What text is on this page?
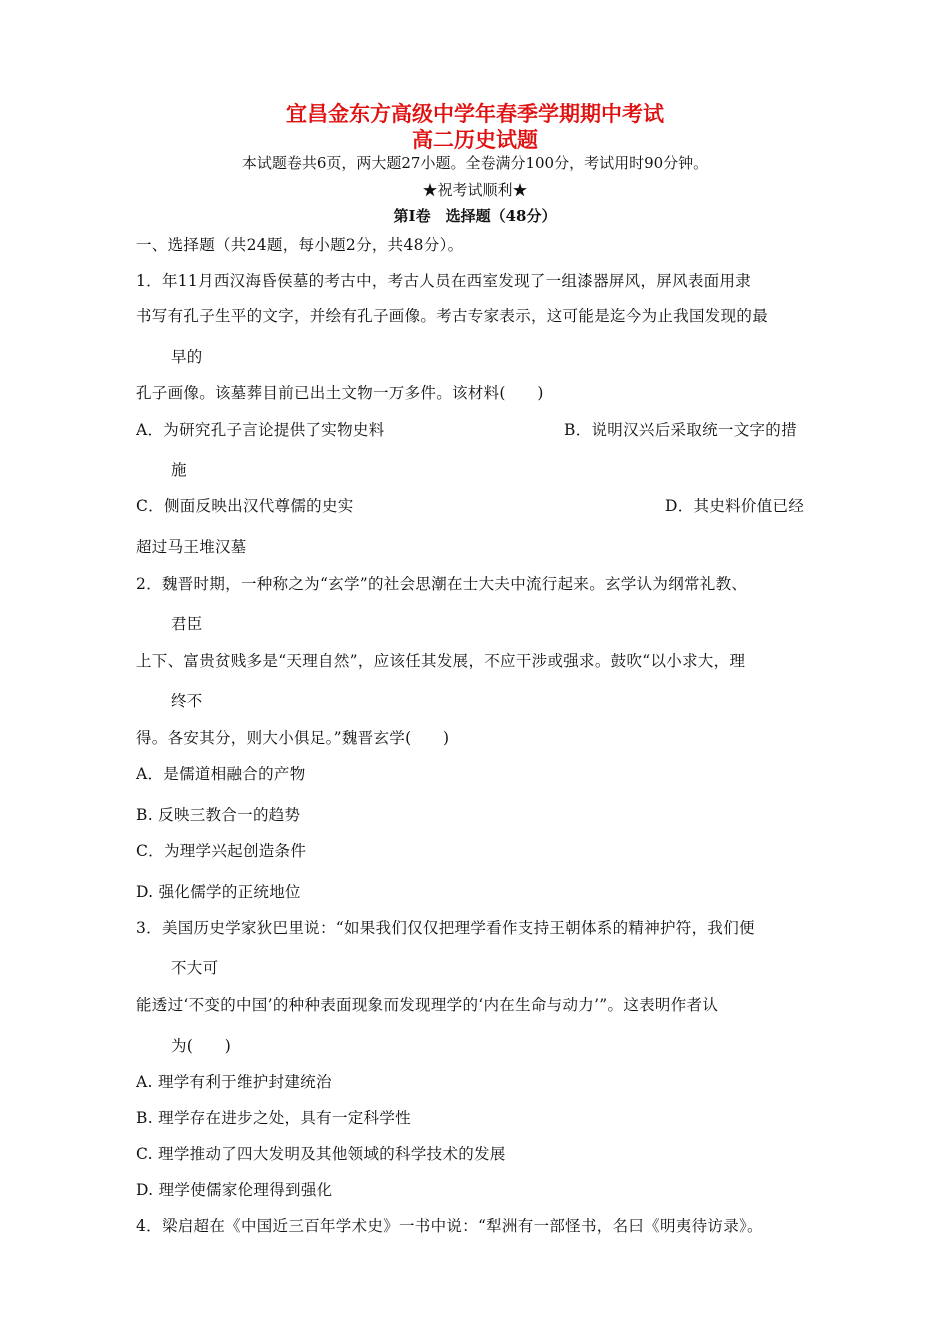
宜昌金东方高级中学年春季学期期中考试
高二历史试题
本试题卷共6页，两大题27小题。全卷满分100分，考试用时90分钟。
★祝考试顺利★
第Ⅰ卷　选择题（48分）
一、选择题（共24题，每小题2分，共48分）。
1．年11月西汉海昏侯墓的考古中，考古人员在西室发现了一组漆器屏风，屏风表面用隶
书写有孔子生平的文字，并绘有孔子画像。考古专家表示，这可能是迄今为止我国发现的最
早的
孔子画像。该墓葬目前已出土文物一万多件。该材料(　　)
A．为研究孔子言论提供了实物史料	B．说明汉兴后采取统一文字的措
施
C．侧面反映出汉代尊儒的史实	D．其史料价值已经
超过马王堆汉墓
2．魏晋时期，一种称之为“玄学”的社会思潮在士大夫中流行起来。玄学认为纲常礼教、
君臣
上下、富贵贫贱多是“天理自然”，应该任其发展，不应干涉或强求。鼓吹“以小求大，理
终不
得。各安其分，则大小俱足。”魏晋玄学(　　)
A．是儒道相融合的产物
B. 反映三教合一的趋势
C．为理学兴起创造条件
D. 强化儒学的正统地位
3．美国历史学家狄巴里说：“如果我们仅仅把理学看作支持王朝体系的精神护符，我们便
不大可
能透过‘不变的中国’的种种表面现象而发现理学的‘内在生命与动力’”。这表明作者认
为(　　)
A. 理学有利于维护封建统治
B. 理学存在进步之处，具有一定科学性
C. 理学推动了四大发明及其他领域的科学技术的发展
D. 理学使儒家伦理得到强化
4．梁启超在《中国近三百年学术史》一书中说：“犁洲有一部怪书，名曰《明夷待访录》。
